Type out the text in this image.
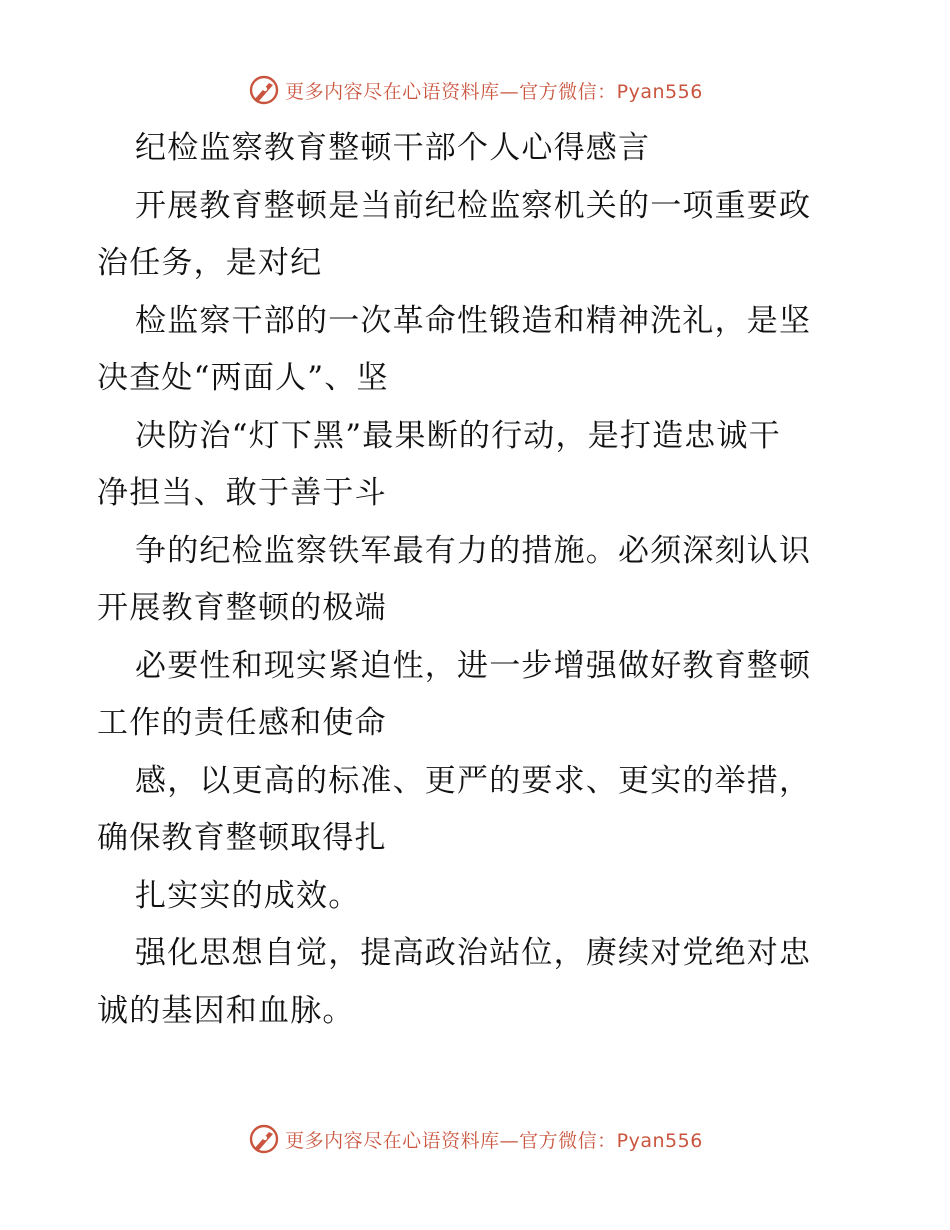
更多内容尽在心语资料库—官方微信：Pyan556

纪检监察教育整顿干部个人心得感言

开展教育整顿是当前纪检监察机关的一项重要政

治任务，是对纪

检监察干部的一次革命性锻造和精神洗礼，是坚

决查处“两面人”、坚

决防治“灯下黑”最果断的行动，是打造忠诚干

净担当、敢于善于斗

争的纪检监察铁军最有力的措施。必须深刻认识

开展教育整顿的极端

必要性和现实紧迫性，进一步增强做好教育整顿

工作的责任感和使命

感，以更高的标准、更严的要求、更实的举措，

确保教育整顿取得扎

扎实实的成效。

强化思想自觉，提高政治站位，赓续对党绝对忠

诚的基因和血脉。

更多内容尽在心语资料库—官方微信：Pyan556
